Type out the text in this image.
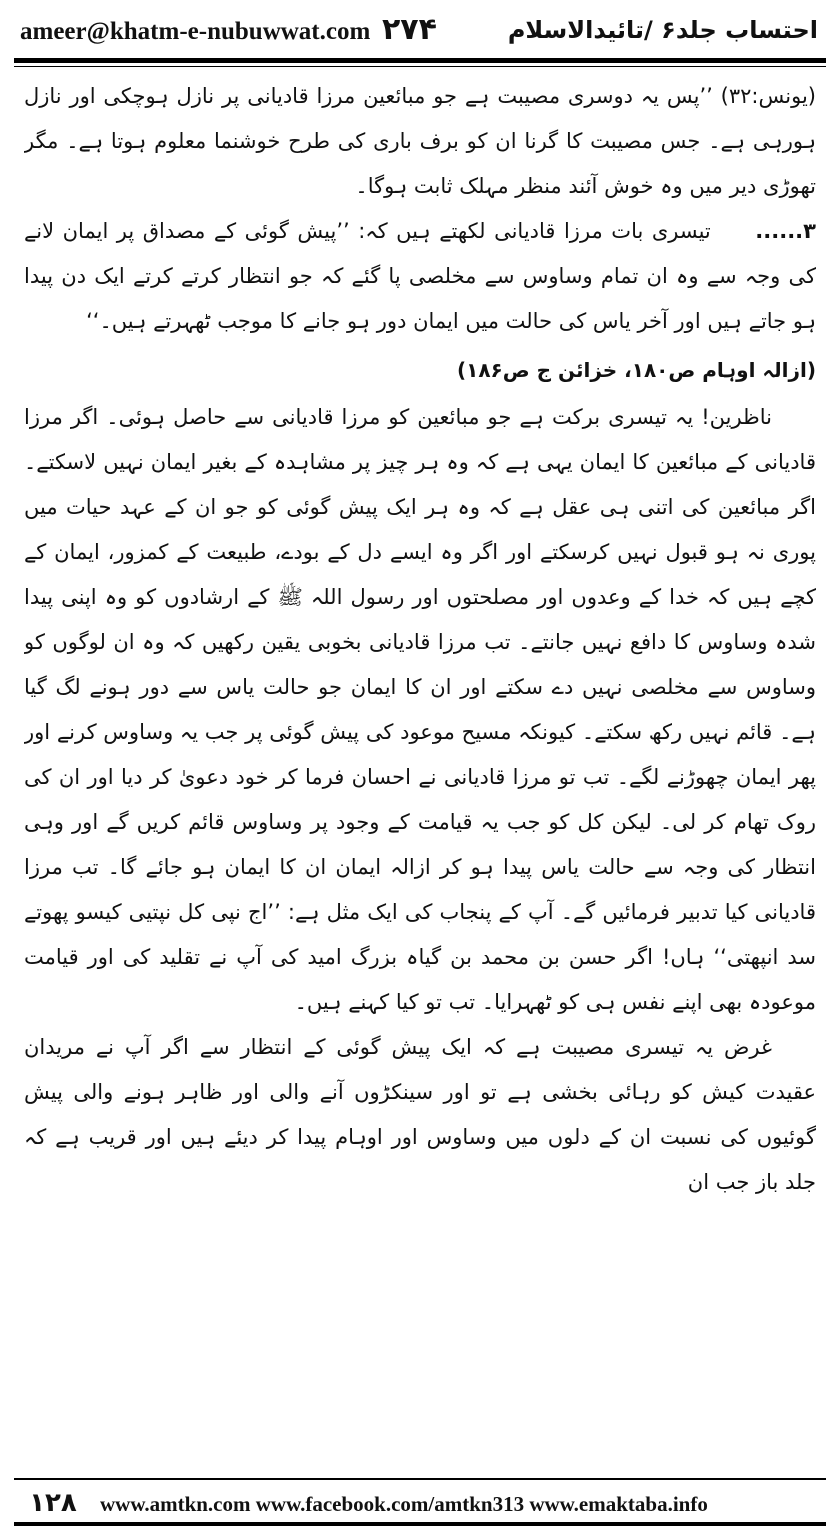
ameer@khatm-e-nubuwwat.com ۲۷۴	احتساب جلد۶ /تائیدالاسلام

(یونس:۳۲) ’’پس یہ دوسری مصیبت ہے جو مبائعین مرزا قادیانی پر نازل ہوچکی اور نازل ہورہی ہے۔ جس مصیبت کا گرنا ان کو برف باری کی طرح خوشنما معلوم ہوتا ہے۔ مگر تھوڑی دیر میں وہ خوش آئند منظر مہلک ثابت ہوگا۔

۳...... تیسری بات مرزا قادیانی لکھتے ہیں کہ: ’’پیش گوئی کے مصداق پر ایمان لانے کی وجہ سے وہ ان تمام وساوس سے مخلصی پا گئے کہ جو انتظار کرتے کرتے ایک دن پیدا ہو جاتے ہیں اور آخر یاس کی حالت میں ایمان دور ہو جانے کا موجب ٹھہرتے ہیں۔‘‘

(ازالہ اوہام ص۱۸۰، خزائن ج ص۱۸۶)

ناظرین! یہ تیسری برکت ہے جو مبائعین کو مرزا قادیانی سے حاصل ہوئی۔ اگر مرزا قادیانی کے مبائعین کا ایمان یہی ہے کہ وہ ہر چیز پر مشاہدہ کے بغیر ایمان نہیں لاسکتے۔ اگر مبائعین کی اتنی ہی عقل ہے کہ وہ ہر ایک پیش گوئی کو جو ان کے عہد حیات میں پوری نہ ہو قبول نہیں کرسکتے اور اگر وہ ایسے دل کے بودے، طبیعت کے کمزور، ایمان کے کچے ہیں کہ خدا کے وعدوں اور مصلحتوں اور رسول اللہ ﷺ کے ارشادوں کو وہ اپنی پیدا شدہ وساوس کا دافع نہیں جانتے۔ تب مرزا قادیانی بخوبی یقین رکھیں کہ وہ ان لوگوں کو وساوس سے مخلصی نہیں دے سکتے اور ان کا ایمان جو حالت یاس سے دور ہونے لگ گیا ہے۔ قائم نہیں رکھ سکتے۔ کیونکہ مسیح موعود کی پیش گوئی پر جب یہ وساوس کرنے اور پھر ایمان چھوڑنے لگے۔ تب تو مرزا قادیانی نے احسان فرما کر خود دعویٰ کر دیا اور ان کی روک تھام کر لی۔ لیکن کل کو جب یہ قیامت کے وجود پر وساوس قائم کریں گے اور وہی انتظار کی وجہ سے حالت یاس پیدا ہو کر ازالہ ایمان ان کا ایمان ہو جائے گا۔ تب مرزا قادیانی کیا تدبیر فرمائیں گے۔ آپ کے پنجاب کی ایک مثل ہے: ’’اج نپی کل نپتیی کیسو پھوتے سد انپھتی‘‘ ہاں! اگر حسن بن محمد بن گیاہ بزرگ امید کی آپ نے تقلید کی اور قیامت موعودہ بھی اپنے نفس ہی کو ٹھہرایا۔ تب تو کیا کہنے ہیں۔

غرض یہ تیسری مصیبت ہے کہ ایک پیش گوئی کے انتظار سے اگر آپ نے مریدان عقیدت کیش کو رہائی بخشی ہے تو اور سینکڑوں آنے والی اور ظاہر ہونے والی پیش گوئیوں کی نسبت ان کے دلوں میں وساوس اور اوہام پیدا کر دیئے ہیں اور قریب ہے کہ جلد باز جب ان

۱۲۸	www.amtkn.com www.facebook.com/amtkn313 www.emaktaba.info
